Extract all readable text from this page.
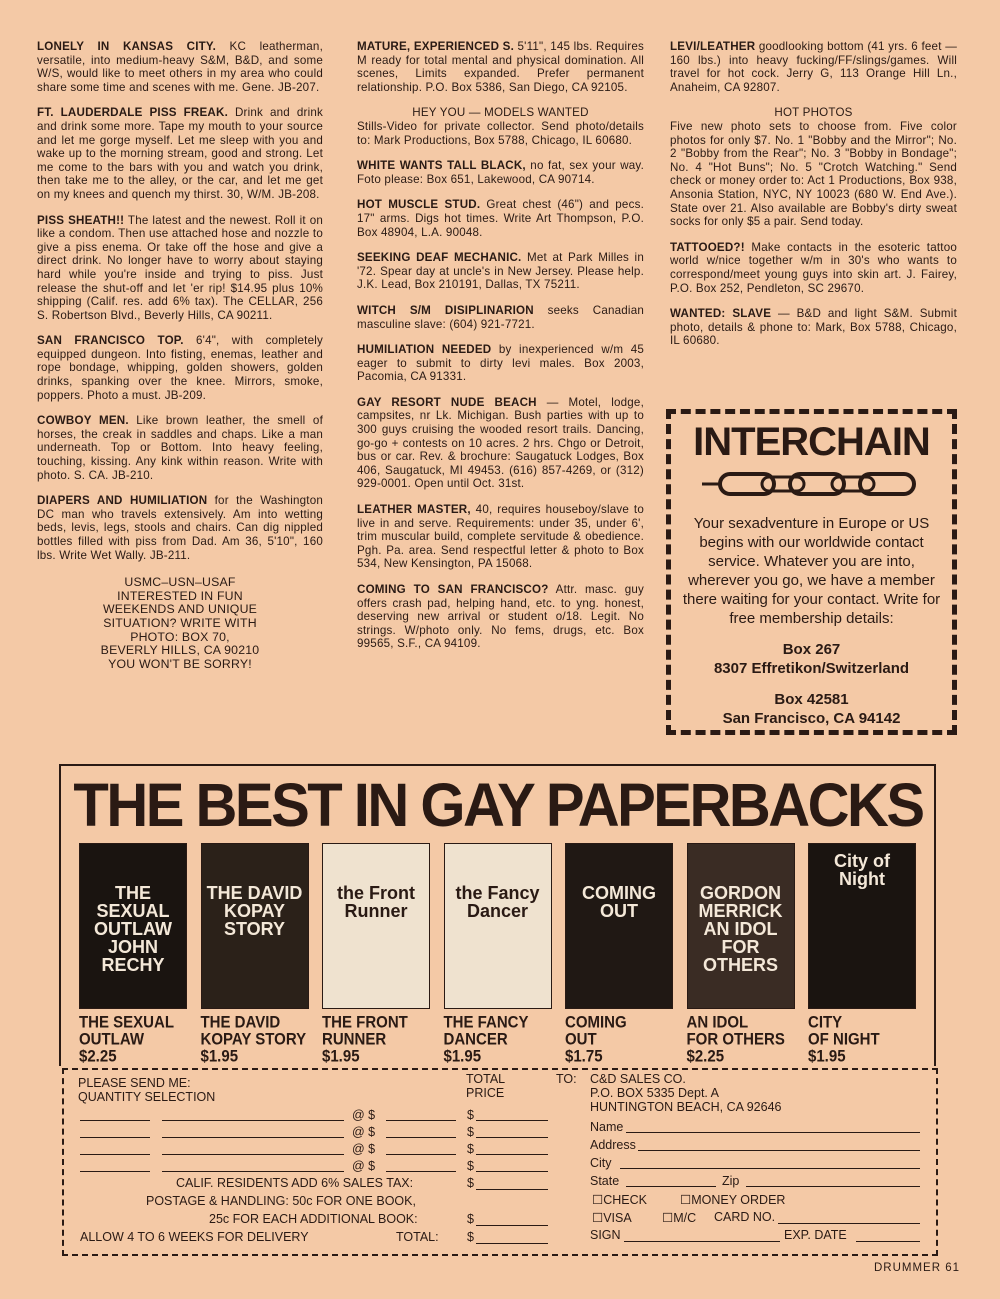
LONELY IN KANSAS CITY. KC leatherman, versatile, into medium-heavy S&M, B&D, and some W/S, would like to meet others in my area who could share some time and scenes with me. Gene. JB-207.

FT. LAUDERDALE PISS FREAK. Drink and drink and drink some more. Tape my mouth to your source and let me gorge myself. Let me sleep with you and wake up to the morning stream, good and strong. Let me come to the bars with you and watch you drink, then take me to the alley, or the car, and let me get on my knees and quench my thirst. 30, W/M. JB-208.

PISS SHEATH!! The latest and the newest. Roll it on like a condom. Then use attached hose and nozzle to give a piss enema. Or take off the hose and give a direct drink. No longer have to worry about staying hard while you're inside and trying to piss. Just release the shut-off and let 'er rip! $14.95 plus 10% shipping (Calif. res. add 6% tax). The CELLAR, 256 S. Robertson Blvd., Beverly Hills, CA 90211.

SAN FRANCISCO TOP. 6'4", with completely equipped dungeon. Into fisting, enemas, leather and rope bondage, whipping, golden showers, golden drinks, spanking over the knee. Mirrors, smoke, poppers. Photo a must. JB-209.

COWBOY MEN. Like brown leather, the smell of horses, the creak in saddles and chaps. Like a man underneath. Top or Bottom. Into heavy feeling, touching, kissing. Any kink within reason. Write with photo. S. CA. JB-210.

DIAPERS AND HUMILIATION for the Washington DC man who travels extensively. Am into wetting beds, levis, legs, stools and chairs. Can dig nippled bottles filled with piss from Dad. Am 36, 5'10", 160 lbs. Write Wet Wally. JB-211.

USMC–USN–USAF
INTERESTED IN FUN
WEEKENDS AND UNIQUE
SITUATION? WRITE WITH
PHOTO: BOX 70,
BEVERLY HILLS, CA 90210
YOU WON'T BE SORRY!

MATURE, EXPERIENCED S. 5'11", 145 lbs. Requires M ready for total mental and physical domination. All scenes, Limits expanded. Prefer permanent relationship. P.O. Box 5386, San Diego, CA 92105.

HEY YOU — MODELS WANTED
Stills-Video for private collector. Send photo/details to: Mark Productions, Box 5788, Chicago, IL 60680.

WHITE WANTS TALL BLACK, no fat, sex your way. Foto please: Box 651, Lakewood, CA 90714.

HOT MUSCLE STUD. Great chest (46") and pecs. 17" arms. Digs hot times. Write Art Thompson, P.O. Box 48904, L.A. 90048.

SEEKING DEAF MECHANIC. Met at Park Milles in '72. Spear day at uncle's in New Jersey. Please help. J.K. Lead, Box 210191, Dallas, TX 75211.

WITCH S/M DISIPLINARION seeks Canadian masculine slave: (604) 921-7721.

HUMILIATION NEEDED by inexperienced w/m 45 eager to submit to dirty levi males. Box 2003, Pacomia, CA 91331.

GAY RESORT NUDE BEACH — Motel, lodge, campsites, nr Lk. Michigan. Bush parties with up to 300 guys cruising the wooded resort trails. Dancing, go-go + contests on 10 acres. 2 hrs. Chgo or Detroit, bus or car. Rev. & brochure: Saugatuck Lodges, Box 406, Saugatuck, MI 49453. (616) 857-4269, or (312) 929-0001. Open until Oct. 31st.

LEATHER MASTER, 40, requires houseboy/slave to live in and serve. Requirements: under 35, under 6', trim muscular build, complete servitude & obedience. Pgh. Pa. area. Send respectful letter & photo to Box 534, New Kensington, PA 15068.

COMING TO SAN FRANCISCO? Attr. masc. guy offers crash pad, helping hand, etc. to yng. honest, deserving new arrival or student o/18. Legit. No strings. W/photo only. No fems, drugs, etc. Box 99565, S.F., CA 94109.

LEVI/LEATHER goodlooking bottom (41 yrs. 6 feet — 160 lbs.) into heavy fucking/FF/slings/games. Will travel for hot cock. Jerry G, 113 Orange Hill Ln., Anaheim, CA 92807.

HOT PHOTOS
Five new photo sets to choose from. Five color photos for only $7. No. 1 "Bobby and the Mirror"; No. 2 "Bobby from the Rear"; No. 3 "Bobby in Bondage"; No. 4 "Hot Buns"; No. 5 "Crotch Watching." Send check or money order to: Act 1 Productions, Box 938, Ansonia Station, NYC, NY 10023 (680 W. End Ave.). State over 21. Also available are Bobby's dirty sweat socks for only $5 a pair. Send today.

TATTOOED?! Make contacts in the esoteric tattoo world w/nice together w/m in 30's who wants to correspond/meet young guys into skin art. J. Fairey, P.O. Box 252, Pendleton, SC 29670.

WANTED: SLAVE — B&D and light S&M. Submit photo, details & phone to: Mark, Box 5788, Chicago, IL 60680.

INTERCHAIN
Your sexadventure in Europe or US begins with our worldwide contact service. Whatever you are into, wherever you go, we have a member there waiting for your contact. Write for free membership details:
Box 267
8307 Effretikon/Switzerland
Box 42581
San Francisco, CA 94142
THE BEST IN GAY PAPERBACKS
THE SEXUAL OUTLAW JOHN RECHY
THE SEXUAL
OUTLAW
$2.25
THE DAVID KOPAY STORY
THE DAVID
KOPAY STORY
$1.95
the Front Runner
THE FRONT
RUNNER
$1.95
the Fancy Dancer
THE FANCY
DANCER
$1.95
COMING OUT
COMING
OUT
$1.75
GORDON MERRICK AN IDOL FOR OTHERS
AN IDOL
FOR OTHERS
$2.25
City of Night
CITY
OF NIGHT
$1.95
PLEASE SEND ME:
QUANTITY SELECTION
TOTAL
PRICE
TO: C&D SALES CO.
P.O. BOX 5335 Dept. A
HUNTINGTON BEACH, CA 92646
@ $	$
@ $	$
@ $	$
@ $	$
CALIF. RESIDENTS ADD 6% SALES TAX:	$
POSTAGE & HANDLING: 50c FOR ONE BOOK,
25c FOR EACH ADDITIONAL BOOK:	$
ALLOW 4 TO 6 WEEKS FOR DELIVERY	TOTAL: $
Name
Address
City
State	Zip
☐CHECK	☐MONEY ORDER
☐VISA ☐M/C CARD NO.
SIGN	EXP. DATE
DRUMMER 61
